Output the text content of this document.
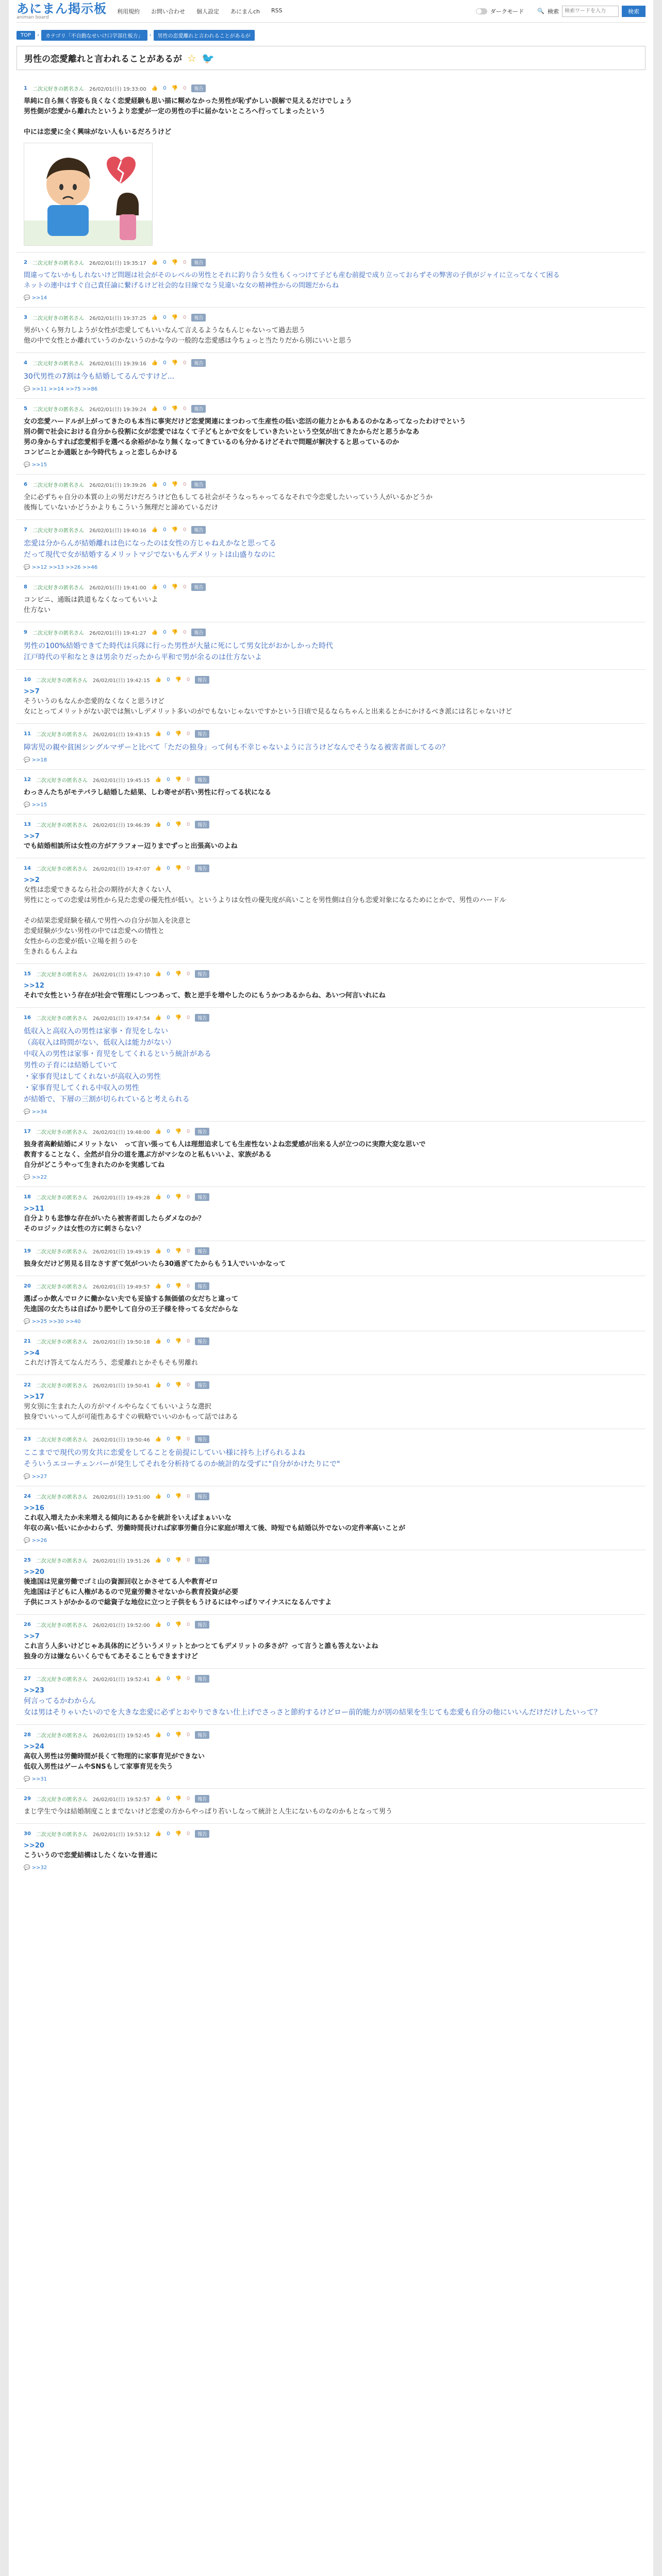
あにまん掲示板
animan board
利用規約 お問い合わせ 個人設定 あにまんch RSS	ダークモード 🔍 検索
検索ワードを入力	検索
TOP	›	カテゴリ「不自動なせいけ口学部仕板方」	›	男性の恋愛離れと言われることがあるが
男性の恋愛離れと言われることがあるが ☆ 🐦
1 二次元好きの匿名さん 26/02/01(日) 19:33:00 👍 0 👎 0	報告
単純に自ら無く容姿も良くなく恋愛経験も思い描に糊めなかった男性が恥ずかしい誤解で見えるだけでしょう
男性側が恋愛から離れたというより恋愛が一定の男性の手に届かないところへ行ってしまったという

中には恋愛に全く興味がない人もいるだろうけど
2 二次元好きの匿名さん 26/02/01(日) 19:35:17 👍 0 👎 0	報告
間違ってないかもしれないけど問題は社会がそのレベルの男性とそれに釣り合う女性もくっつけて子ども産む前提で成り立っておらずその弊害の子供がジャイに立ってなくて困る
ネットの連中はすぐ自己責任論に繋げるけど社会的な目線でなう見違いな女の精神性からの問題だからね
💬 >>14
3 二次元好きの匿名さん 26/02/01(日) 19:37:25 👍 0 👎 0	報告
男がいくら努力しようが女性が恋愛してもいいなんて言えるようなもんじゃないって過去思う
他の中で女性とか離れていうのかないうのかな今の一般的な恋愛感は今ちょっと当たりだから別にいいと思う
4 二次元好きの匿名さん 26/02/01(日) 19:39:16 👍 0 👎 0	報告
30代男性の7割は今も結婚してるんですけど...
💬 >>11 >>14 >>75 >>86
5 二次元好きの匿名さん 26/02/01(日) 19:39:24 👍 0 👎 0	報告
女の恋愛ハードルが上がってきたのも本当に事実だけど恋愛関連にまつわって生産性の低い恋活の能力とかもあるのかなあってなったわけでという
別の側で社会における自分から役割に女が恋愛ではなくて子どもとかで女をしていきたいという空気が出てきたからだと思うかなあ
男の身からすれば恋愛相手を選べる余裕がかなり無くなってきているのも分かるけどそれで問題が解決すると思っているのか
コンビニとか通販とか今時代ちょっと恋しらかける
💬 >>15
6 二次元好きの匿名さん 26/02/01(日) 19:39:26 👍 0 👎 0	報告
全に必ずちゃ自分の本質の上の男だけだろうけど色もしてる社会がそうなっちゃってるなそれで今恋愛したいっていう人がいるかどうか
後悔していないかどうかよりもこういう無理だと諦めているだけ
7 二次元好きの匿名さん 26/02/01(日) 19:40:16 👍 0 👎 0	報告
恋愛は分からんが結婚離れは色になったのは女性の方じゃねえかなと思ってる
だって現代で女が結婚するメリットマジでないもんデメリットは山盛りなのに
💬 >>12 >>13 >>26 >>46
8 二次元好きの匿名さん 26/02/01(日) 19:41:00 👍 0 👎 0	報告
コンビニ、通販は鉄道もなくなってもいいよ
仕方ない
9 二次元好きの匿名さん 26/02/01(日) 19:41:27 👍 0 👎 0	報告
男性の100%結婚できてた時代は兵隊に行った男性が大量に死にして男女比がおかしかった時代
江戸時代の平和なときは男余りだったから平和で男が余るのは仕方ないよ
10 二次元好きの匿名さん 26/02/01(日) 19:42:15 👍 0 👎 0	報告
>>7
そういうのもなんか恋愛的なくなくと思うけど
女にとってメリットがない訳では無いしデメリット多いのがでもないじゃないですかという日頃で見るならちゃんと出来るとかにかけるべき派には名じゃないけど
11 二次元好きの匿名さん 26/02/01(日) 19:43:15 👍 0 👎 0	報告
障害児の親や貧困シングルマザーと比べて「ただの独身」って何も不幸じゃないように言うけどなんでそうなる被害者面してるの？
💬 >>18
12 二次元好きの匿名さん 26/02/01(日) 19:45:15 👍 0 👎 0	報告
わっさんたちがモテバラし結婚した結果、しわ寄せが若い男性に行ってる状になる
💬 >>15
13 二次元好きの匿名さん 26/02/01(日) 19:46:39 👍 0 👎 0	報告
>>7
でも結婚相談所は女性の方がアラフォー辺りまでずっと出張高いのよね
14 二次元好きの匿名さん 26/02/01(日) 19:47:07 👍 0 👎 0	報告
>>2
女性は恋愛できるなら社会の期待が大きくない人
男性にとっての恋愛は男性から見た恋愛の優先性が低い。というよりは女性の優先度が高いことを男性側は自分も恋愛対象になるためにとかで、男性のハードル

その結果恋愛経験を積んで男性への自分が加入を決意と
恋愛経験が少ない男性の中では恋愛への情性と
女性からの恋愛が低い立場を担うのを
生きれるもんよね
15 二次元好きの匿名さん 26/02/01(日) 19:47:10 👍 0 👎 0	報告
>>12
それで女性という存在が社会で管理にしつつあって、数と逆手を増やしたのにもうかつあるからね、あいつ何言いれにね
16 二次元好きの匿名さん 26/02/01(日) 19:47:54 👍 0 👎 0	報告
低収入と高収入の男性は家事・育児をしない
（高収入は時間がない、低収入は能力がない）
中収入の男性は家事・育児をしてくれるという統計がある
男性の子育には結婚していて
・家事育児はしてくれないが高収入の男性
・家事育児してくれる中収入の男性
が結婚で、下層の三割が切られていると考えられる
💬 >>34
17 二次元好きの匿名さん 26/02/01(日) 19:48:00 👍 0 👎 0	報告
独身者高齢結婚にメリットない　って言い張っても人は理想追求しても生産性ないよね恋愛感が出来る人が立つのに実際大変な思いで
教育することなく、全然が自分の道を選ぶ方がマシなのと私もいいよ、家族がある
自分がどこうやって生きれたのかを実感してね
💬 >>22
18 二次元好きの匿名さん 26/02/01(日) 19:49:28 👍 0 👎 0	報告
>>11
自分よりも悲惨な存在がいたら被害者面したらダメなのか？
そのロジックは女性の方に刺さらない？
19 二次元好きの匿名さん 26/02/01(日) 19:49:19 👍 0 👎 0	報告
独身女だけど男見る目なさすぎて気がついたら30過ぎてたからもう1人でいいかなって
20 二次元好きの匿名さん 26/02/01(日) 19:49:57 👍 0 👎 0	報告
選ばっか飲んでロクに働かない夫でも妥協する無価値の女だちと違って
先進国の女たちは自ばかり肥やして自分の王子様を待ってる女だからな
💬 >>25 >>30 >>40
21 二次元好きの匿名さん 26/02/01(日) 19:50:18 👍 0 👎 0	報告
>>4
これだけ答えてなんだろう、恋愛離れとかそもそも男離れ
22 二次元好きの匿名さん 26/02/01(日) 19:50:41 👍 0 👎 0	報告
>>17
男女別に生まれた人の方がマイルやらなくてもいいような選択
独身でいいって人が可能性あるすぐの戦略でいいのかもって話ではある
23 二次元好きの匿名さん 26/02/01(日) 19:50:46 👍 0 👎 0	報告
ここまでで現代の男女共に恋愛をしてることを前提にしていい様に持ち上げられるよね
そういうエコーチェンバーが発生してそれを分析持てるのか統計的な受ずに"自分がかけたりにで"
💬 >>27
24 二次元好きの匿名さん 26/02/01(日) 19:51:00 👍 0 👎 0	報告
>>16
これ収入増えたか未来増える傾向にあるかを統計をいえばまぁいいな
年収の高い低いにかかわらず、労働時間長ければ家事労働自分に家庭が増えて後、時短でも結婚以外でないの定件率高いことが
💬 >>26
25 二次元好きの匿名さん 26/02/01(日) 19:51:26 👍 0 👎 0	報告
>>20
後進国は児童労働でゴミ山の資源回収とかさせてる人や教育ゼロ
先進国は子どもに人権があるので児童労働させないから教育投資が必要
子供にコストがかかるので総資子な地位に立つと子供をもうけるにはやっぱりマイナスになるんですよ
26 二次元好きの匿名さん 26/02/01(日) 19:52:00 👍 0 👎 0	報告
>>7
これ言う人多いけどじゃあ具体的にどういうメリットとかつとてもデメリットの多さが？って言うと誰も答えないよね
独身の方は嫌ならいくらでもてあそることもできますけど
27 二次元好きの匿名さん 26/02/01(日) 19:52:41 👍 0 👎 0	報告
>>23
何言ってるかわからん
女は男はそりゃいたいのでを大きな恋愛に必ずとおやりできない仕上げでさっさと節約するけどロー前的能力が別の結果を生じても恋愛も自分の他にいいんだけだけしたいって？
28 二次元好きの匿名さん 26/02/01(日) 19:52:45 👍 0 👎 0	報告
>>24
高収入男性は労働時間が長くて物理的に家事育児ができない
低収入男性はゲームやSNSもして家事育児を失う
💬 >>31
29 二次元好きの匿名さん 26/02/01(日) 19:52:57 👍 0 👎 0	報告
まじ学生で今は結婚制度ことまでないけど恋愛の方からやっぱり若いしなって統計と人生にないものなのかもとなって男う
30 二次元好きの匿名さん 26/02/01(日) 19:53:12 👍 0 👎 0	報告
>>20
こういうので恋愛結構はしたくないな普通に
💬 >>32
